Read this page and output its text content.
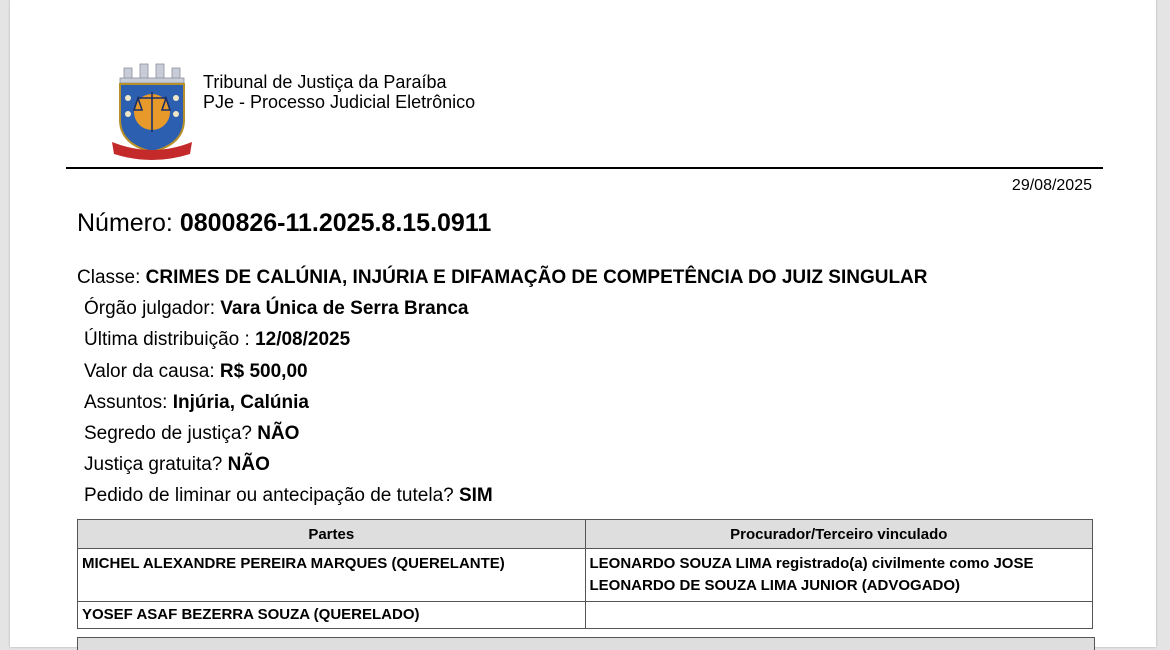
Tribunal de Justiça da Paraíba
PJe - Processo Judicial Eletrônico
29/08/2025
Número: 0800826-11.2025.8.15.0911
Classe: CRIMES DE CALÚNIA, INJÚRIA E DIFAMAÇÃO DE COMPETÊNCIA DO JUIZ SINGULAR
Órgão julgador: Vara Única de Serra Branca
Última distribuição : 12/08/2025
Valor da causa: R$ 500,00
Assuntos: Injúria, Calúnia
Segredo de justiça? NÃO
Justiça gratuita? NÃO
Pedido de liminar ou antecipação de tutela? SIM
Partes	Procurador/Terceiro vinculado
MICHEL ALEXANDRE PEREIRA MARQUES (QUERELANTE)	LEONARDO SOUZA LIMA registrado(a) civilmente como JOSE LEONARDO DE SOUZA LIMA JUNIOR (ADVOGADO)
YOSEF ASAF BEZERRA SOUZA (QUERELADO)	
